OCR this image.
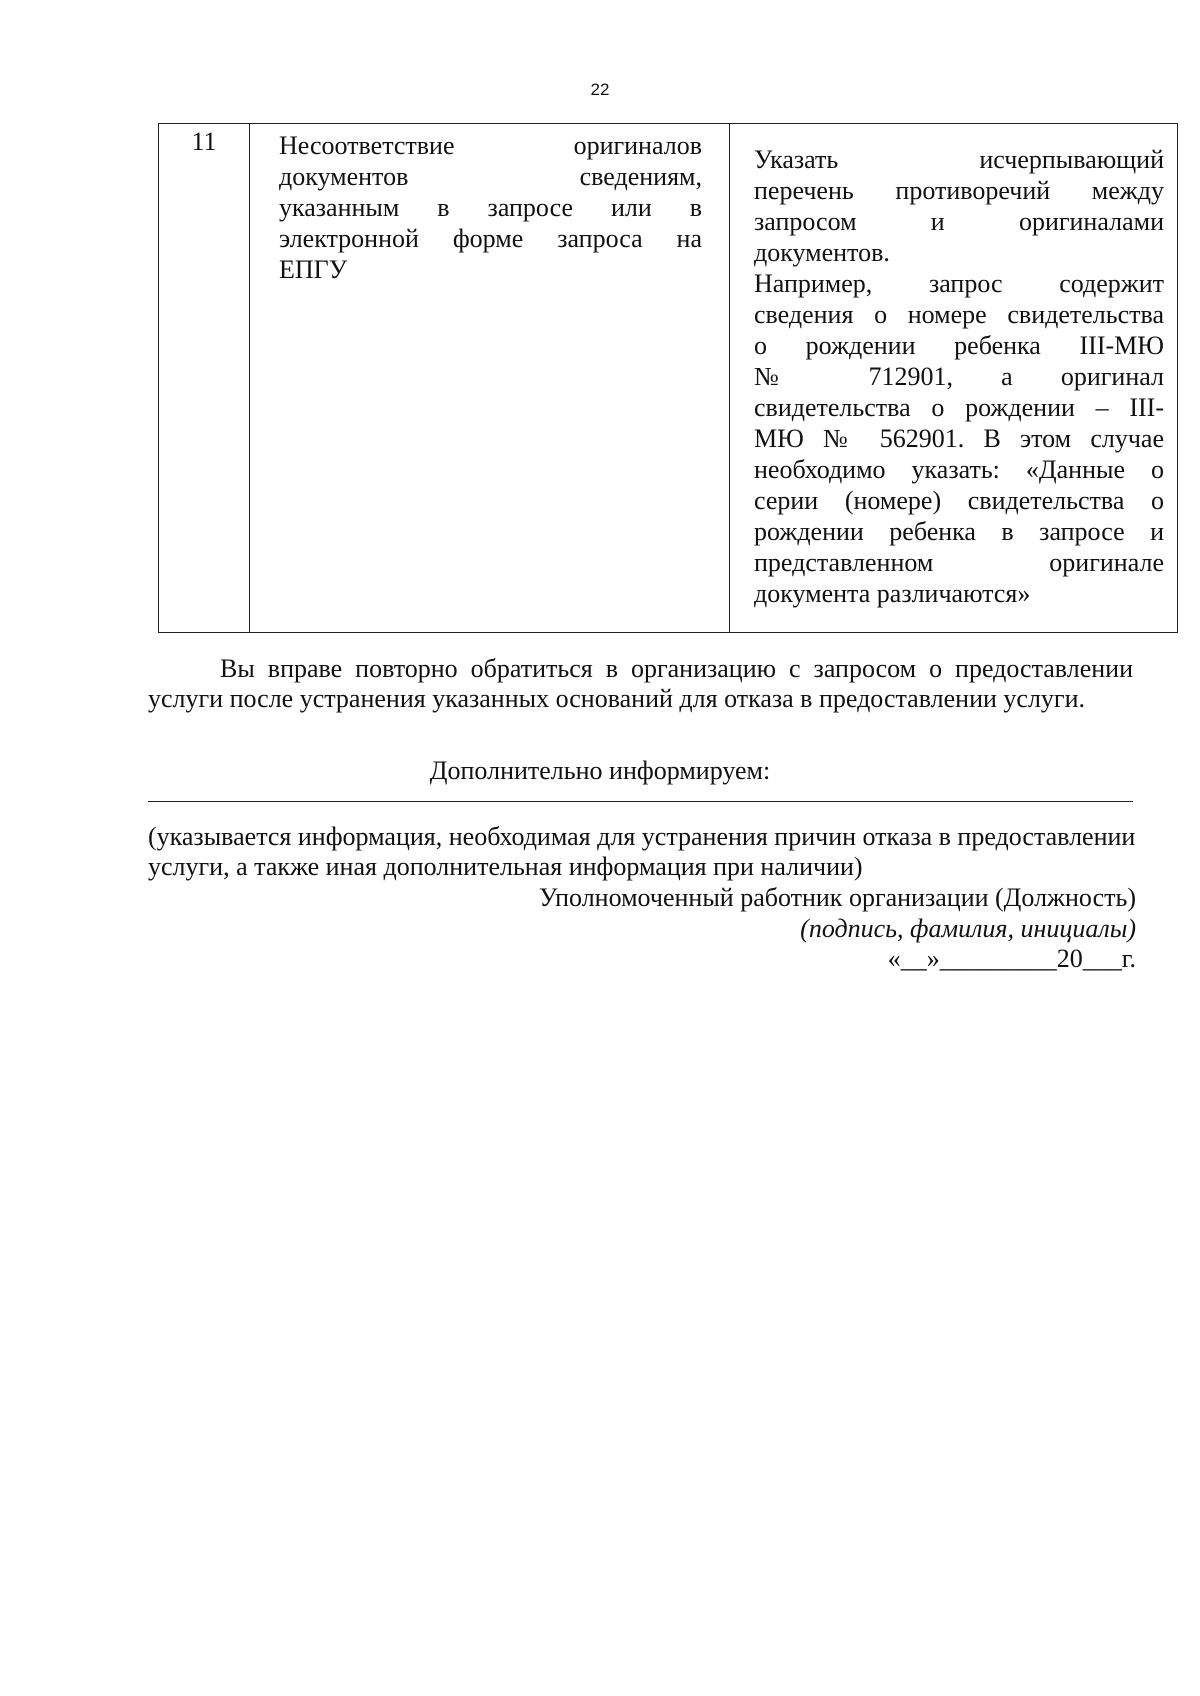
22
11	Несоответствие оригиналов

документов сведениям,

указанным в запросе или в

электронной форме запроса на

ЕПГУ

Указать исчерпывающий

перечень противоречий между

запросом и оригиналами

документов.

Например, запрос содержит

сведения о номере свидетельства

о рождении ребенка III-МЮ

№ 712901, а оригинал

свидетельства о рождении – III-

МЮ № 562901. В этом случае

необходимо указать: «Данные о

серии (номере) свидетельства о

рождении ребенка в запросе и

представленном оригинале

документа различаются»

Вы вправе повторно обратиться в организацию с запросом о предоставлении услуги после устранения указанных оснований для отказа в предоставлении услуги.
Дополнительно информируем:
(указывается информация, необходимая для устранения причин отказа в предоставлении услуги, а также иная дополнительная информация при наличии)
Уполномоченный работник организации (Должность)
(подпись, фамилия, инициалы)
«__»_________20___г.
